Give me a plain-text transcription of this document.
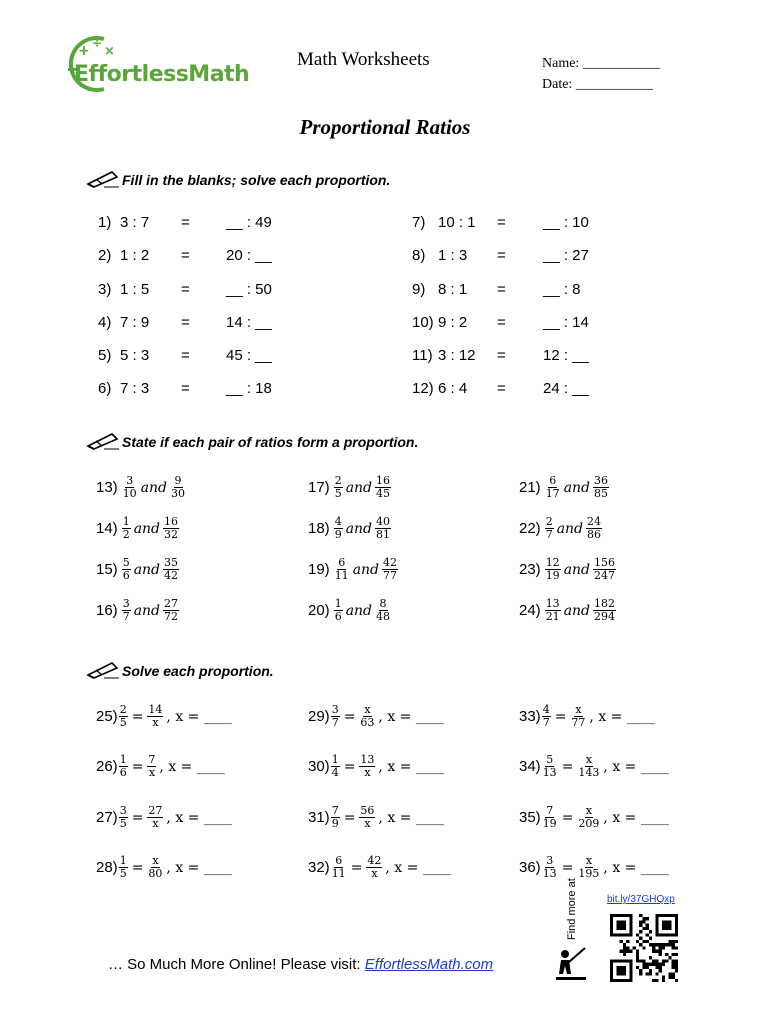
+ ÷
×
EffortlessMath
Math Worksheets	Name: ___________
Date: ___________
Proportional Ratios
Fill in the blanks; solve each proportion.
1) 3 : 7 = __ : 49
2) 1 : 2 = 20 : __
3) 1 : 5 = __ : 50
4) 7 : 9 = 14 : __
5) 5 : 3 = 45 : __
6) 7 : 3 = __ : 18
7) 10 : 1 = __ : 10
8) 1 : 3 = __ : 27
9) 8 : 1 = __ : 8
10) 9 : 2 = __ : 14
11) 3 : 12 = 12 : __
12) 6 : 4 = 24 : __
State if each pair of ratios form a proportion.
$13) \frac{3}{10}$ and $\frac{9}{30}$
$14) \frac{1}{2}$ and $\frac{16}{32}$
$15) \frac{5}{6}$ and $\frac{35}{42}$
$16) \frac{3}{7}$ and $\frac{27}{72}$
$17) \frac{2}{5}$ and $\frac{16}{45}$
$18) \frac{4}{9}$ and $\frac{40}{81}$
$19) \frac{6}{11}$ and $\frac{42}{77}$
$20) \frac{1}{6}$ and $\frac{8}{48}$
$21) \frac{6}{17}$ and $\frac{36}{85}$
$22) \frac{2}{7}$ and $\frac{24}{86}$
$23) \frac{12}{19}$ and $\frac{156}{247}$
$24) \frac{13}{21}$ and $\frac{182}{294}$
Solve each proportion.
$25) \frac{2}{5} = \frac{14}{x}$ , x = ____
$26) \frac{1}{6} = \frac{7}{x}$ , x = ____
$27) \frac{3}{5} = \frac{27}{x}$ , x = ____
$28) \frac{1}{5} = \frac{x}{80}$ , x = ____
$29) \frac{3}{7} = \frac{x}{63}$ , x = ____
$30) \frac{1}{4} = \frac{13}{x}$ , x = ____
$31) \frac{7}{9} = \frac{56}{x}$ , x = ____
$32) \frac{6}{11} = \frac{42}{x}$ , x = ____
$33) \frac{4}{7} = \frac{x}{77}$ , x = ____
$34) \frac{5}{13} = \frac{x}{143}$ , x = ____
$35) \frac{7}{19} = \frac{x}{209}$ , x = ____
$36) \frac{3}{13} = \frac{x}{195}$ , x = ____
bit.ly/37GHQxp
Find more at
… So Much More Online! Please visit: EffortlessMath.com
